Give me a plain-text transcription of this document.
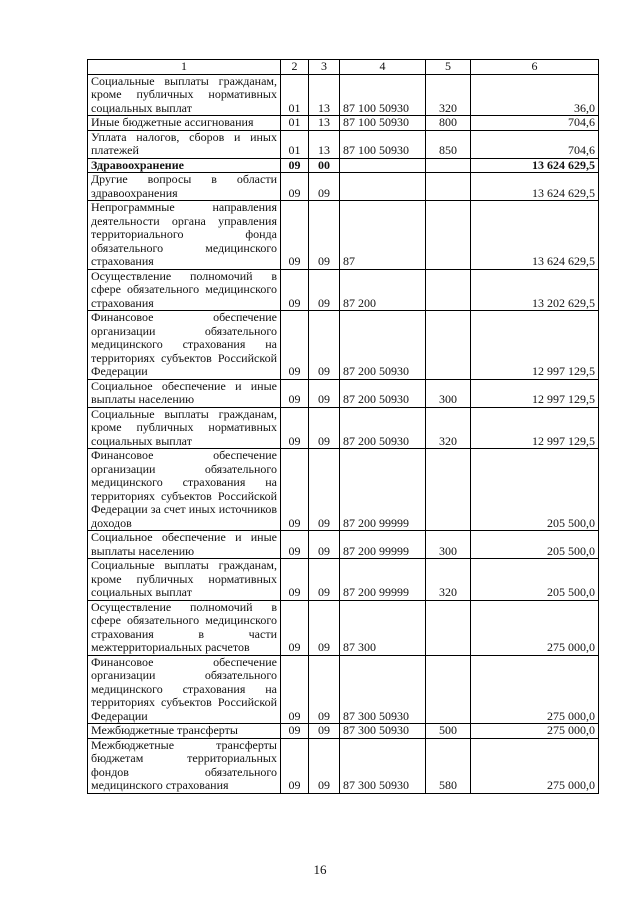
1	2	3	4	5	6
Социальные выплаты гражданам, кроме публичных нормативных социальных выплат	01	13	87 100 50930	320	36,0
Иные бюджетные ассигнования	01	13	87 100 50930	800	704,6
Уплата налогов, сборов и иных платежей	01	13	87 100 50930	850	704,6
Здравоохранение	09	00			13 624 629,5
Другие вопросы в области здравоохранения	09	09			13 624 629,5
Непрограммные направления деятельности органа управления территориального фонда обязательного медицинского страхования	09	09	87		13 624 629,5
Осуществление полномочий в сфере обязательного медицинского страхования	09	09	87 200		13 202 629,5
Финансовое обеспечение организации обязательного медицинского страхования на территориях субъектов Российской Федерации	09	09	87 200 50930		12 997 129,5
Социальное обеспечение и иные выплаты населению	09	09	87 200 50930	300	12 997 129,5
Социальные выплаты гражданам, кроме публичных нормативных социальных выплат	09	09	87 200 50930	320	12 997 129,5
Финансовое обеспечение организации обязательного медицинского страхования на территориях субъектов Российской Федерации за счет иных источников доходов	09	09	87 200 99999		205 500,0
Социальное обеспечение и иные выплаты населению	09	09	87 200 99999	300	205 500,0
Социальные выплаты гражданам, кроме публичных нормативных социальных выплат	09	09	87 200 99999	320	205 500,0
Осуществление полномочий в сфере обязательного медицинского страхования в части межтерриториальных расчетов	09	09	87 300		275 000,0
Финансовое обеспечение организации обязательного медицинского страхования на территориях субъектов Российской Федерации	09	09	87 300 50930		275 000,0
Межбюджетные трансферты	09	09	87 300 50930	500	275 000,0
Межбюджетные трансферты бюджетам территориальных фондов обязательного медицинского страхования	09	09	87 300 50930	580	275 000,0
16
